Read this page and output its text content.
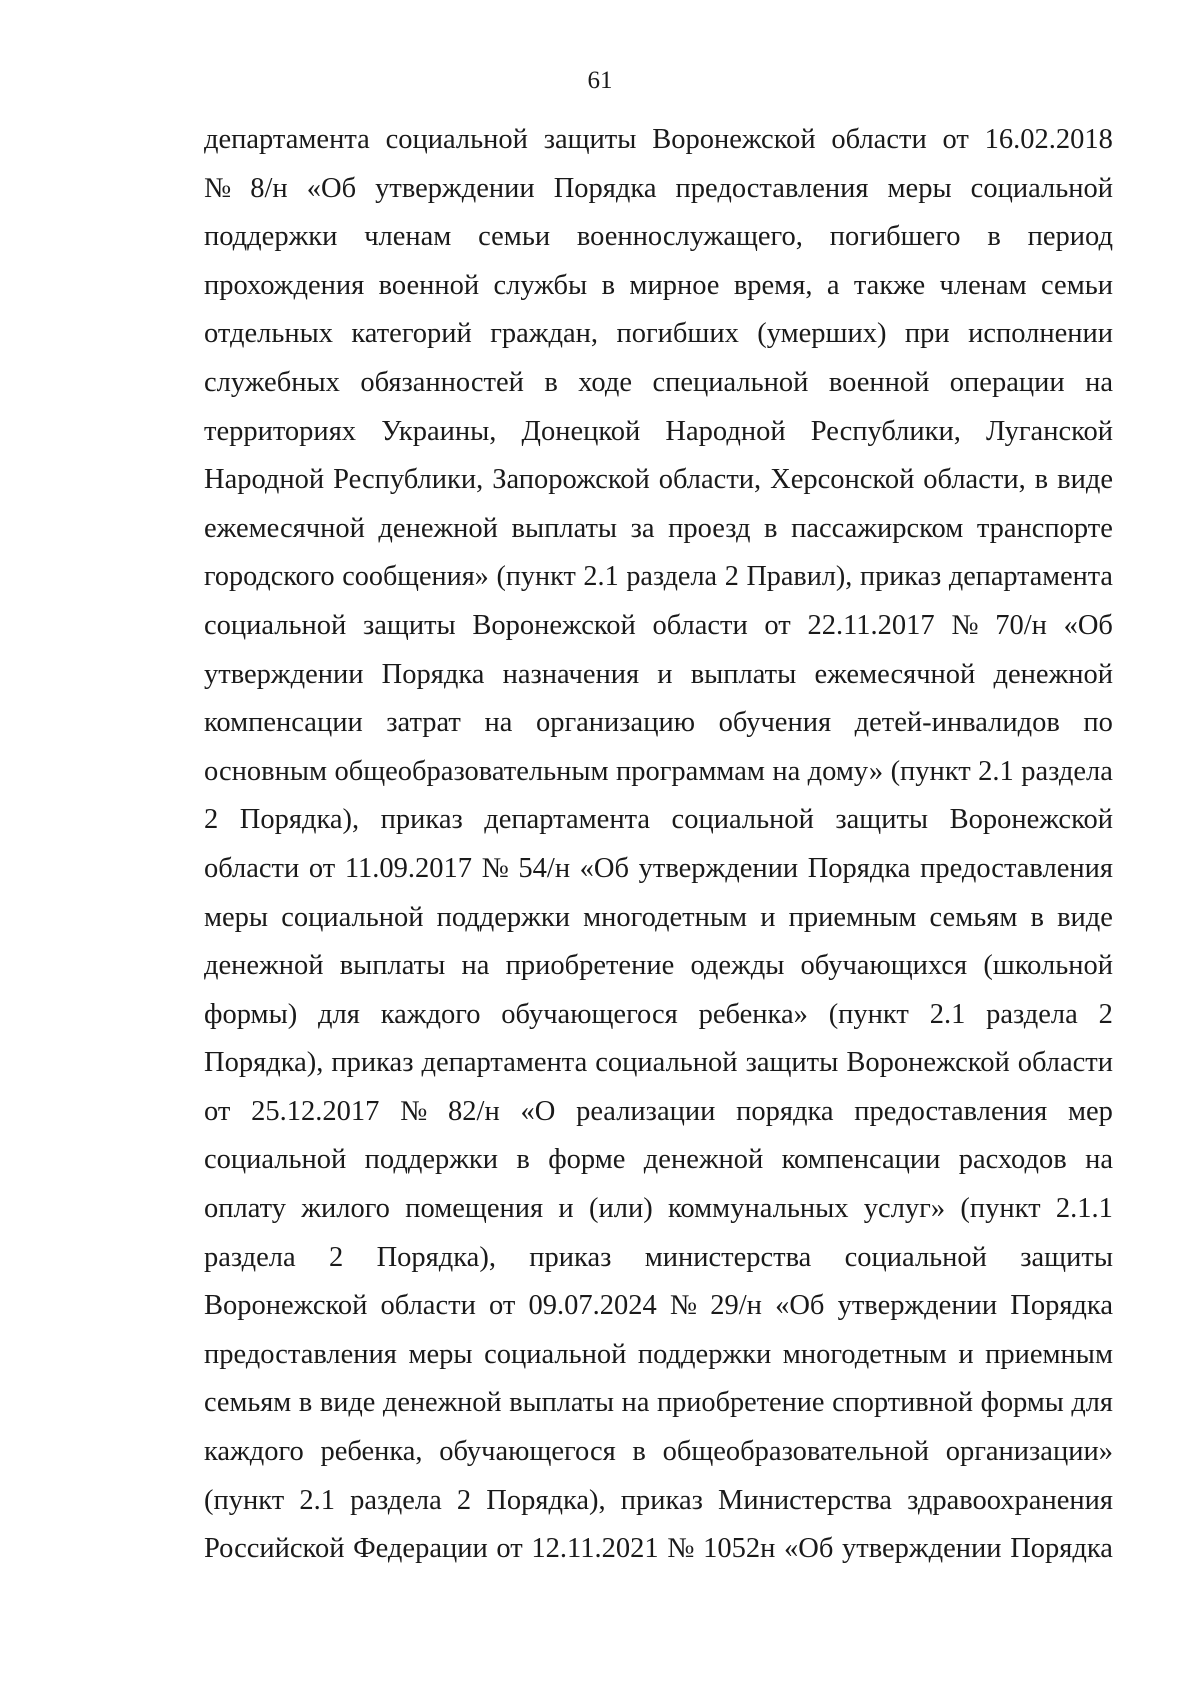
61
департамента социальной защиты Воронежской области от 16.02.2018
№ 8/н «Об утверждении Порядка предоставления меры социальной
поддержки членам семьи военнослужащего, погибшего в период
прохождения военной службы в мирное время, а также членам семьи
отдельных категорий граждан, погибших (умерших) при исполнении
служебных обязанностей в ходе специальной военной операции на
территориях Украины, Донецкой Народной Республики, Луганской
Народной Республики, Запорожской области, Херсонской области, в виде
ежемесячной денежной выплаты за проезд в пассажирском транспорте
городского сообщения» (пункт 2.1 раздела 2 Правил), приказ департамента
социальной защиты Воронежской области от 22.11.2017 № 70/н «Об
утверждении Порядка назначения и выплаты ежемесячной денежной
компенсации затрат на организацию обучения детей-инвалидов по
основным общеобразовательным программам на дому» (пункт 2.1 раздела
2 Порядка), приказ департамента социальной защиты Воронежской
области от 11.09.2017 № 54/н «Об утверждении Порядка предоставления
меры социальной поддержки многодетным и приемным семьям в виде
денежной выплаты на приобретение одежды обучающихся (школьной
формы) для каждого обучающегося ребенка» (пункт 2.1 раздела 2
Порядка), приказ департамента социальной защиты Воронежской области
от 25.12.2017 № 82/н «О реализации порядка предоставления мер
социальной поддержки в форме денежной компенсации расходов на
оплату жилого помещения и (или) коммунальных услуг» (пункт 2.1.1
раздела 2 Порядка), приказ министерства социальной защиты
Воронежской области от 09.07.2024 № 29/н «Об утверждении Порядка
предоставления меры социальной поддержки многодетным и приемным
семьям в виде денежной выплаты на приобретение спортивной формы для
каждого ребенка, обучающегося в общеобразовательной организации»
(пункт 2.1 раздела 2 Порядка), приказ Министерства здравоохранения
Российской Федерации от 12.11.2021 № 1052н «Об утверждении Порядка
